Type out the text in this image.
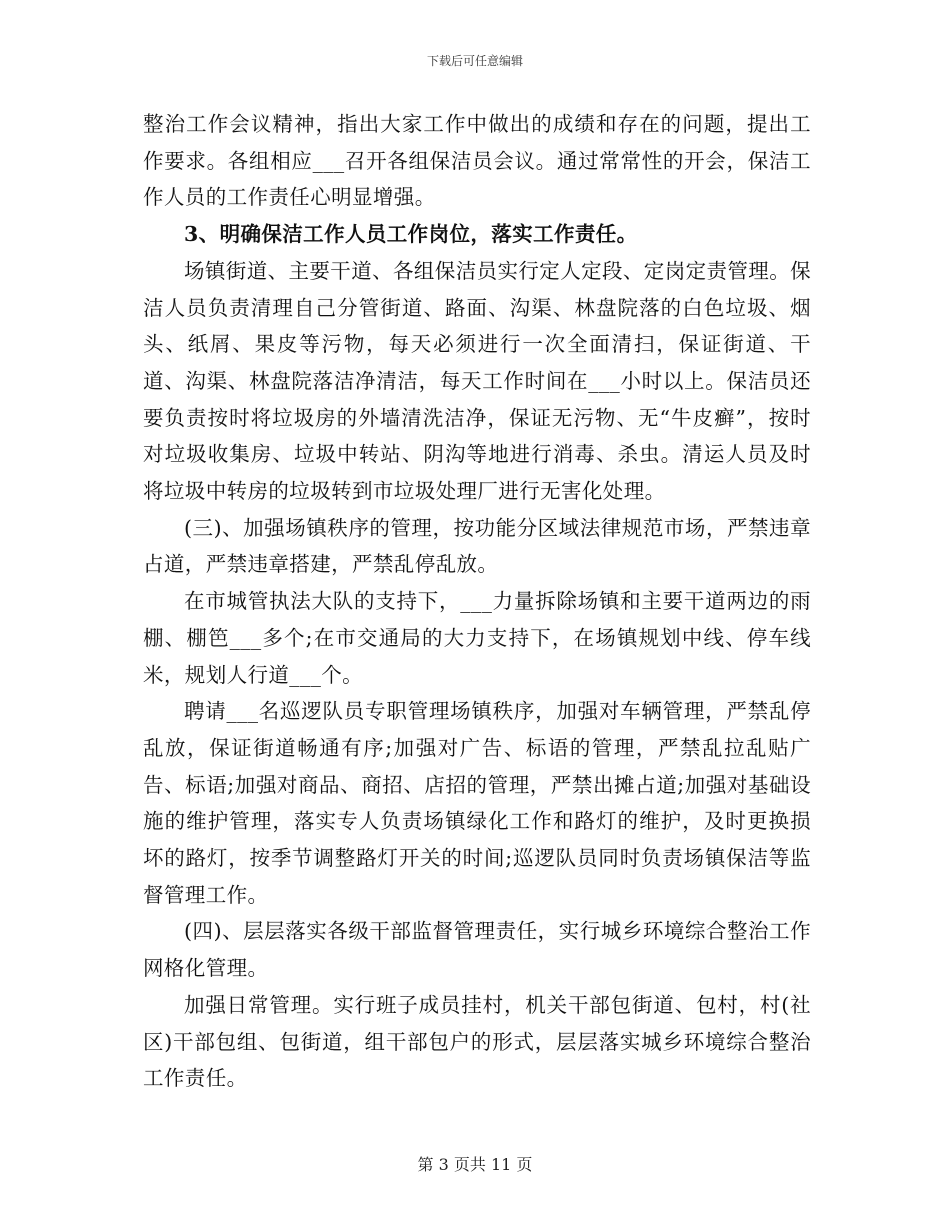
下载后可任意编辑

整治工作会议精神，指出大家工作中做出的成绩和存在的问题，提出工作要求。各组相应___召开各组保洁员会议。通过常常性的开会，保洁工作人员的工作责任心明显增强。

3、明确保洁工作人员工作岗位，落实工作责任。

场镇街道、主要干道、各组保洁员实行定人定段、定岗定责管理。保洁人员负责清理自己分管街道、路面、沟渠、林盘院落的白色垃圾、烟头、纸屑、果皮等污物，每天必须进行一次全面清扫，保证街道、干道、沟渠、林盘院落洁净清洁，每天工作时间在___小时以上。保洁员还要负责按时将垃圾房的外墙清洗洁净，保证无污物、无“牛皮癣”，按时对垃圾收集房、垃圾中转站、阴沟等地进行消毒、杀虫。清运人员及时将垃圾中转房的垃圾转到市垃圾处理厂进行无害化处理。

(三)、加强场镇秩序的管理，按功能分区域法律规范市场，严禁违章占道，严禁违章搭建，严禁乱停乱放。

在市城管执法大队的支持下，___力量拆除场镇和主要干道两边的雨棚、棚笆___多个;在市交通局的大力支持下，在场镇规划中线、停车线米，规划人行道___个。

聘请___名巡逻队员专职管理场镇秩序，加强对车辆管理，严禁乱停乱放，保证街道畅通有序;加强对广告、标语的管理，严禁乱拉乱贴广告、标语;加强对商品、商招、店招的管理，严禁出摊占道;加强对基础设施的维护管理，落实专人负责场镇绿化工作和路灯的维护，及时更换损坏的路灯，按季节调整路灯开关的时间;巡逻队员同时负责场镇保洁等监督管理工作。

(四)、层层落实各级干部监督管理责任，实行城乡环境综合整治工作网格化管理。

加强日常管理。实行班子成员挂村，机关干部包街道、包村，村(社区)干部包组、包街道，组干部包户的形式，层层落实城乡环境综合整治工作责任。

第 3 页共 11 页
